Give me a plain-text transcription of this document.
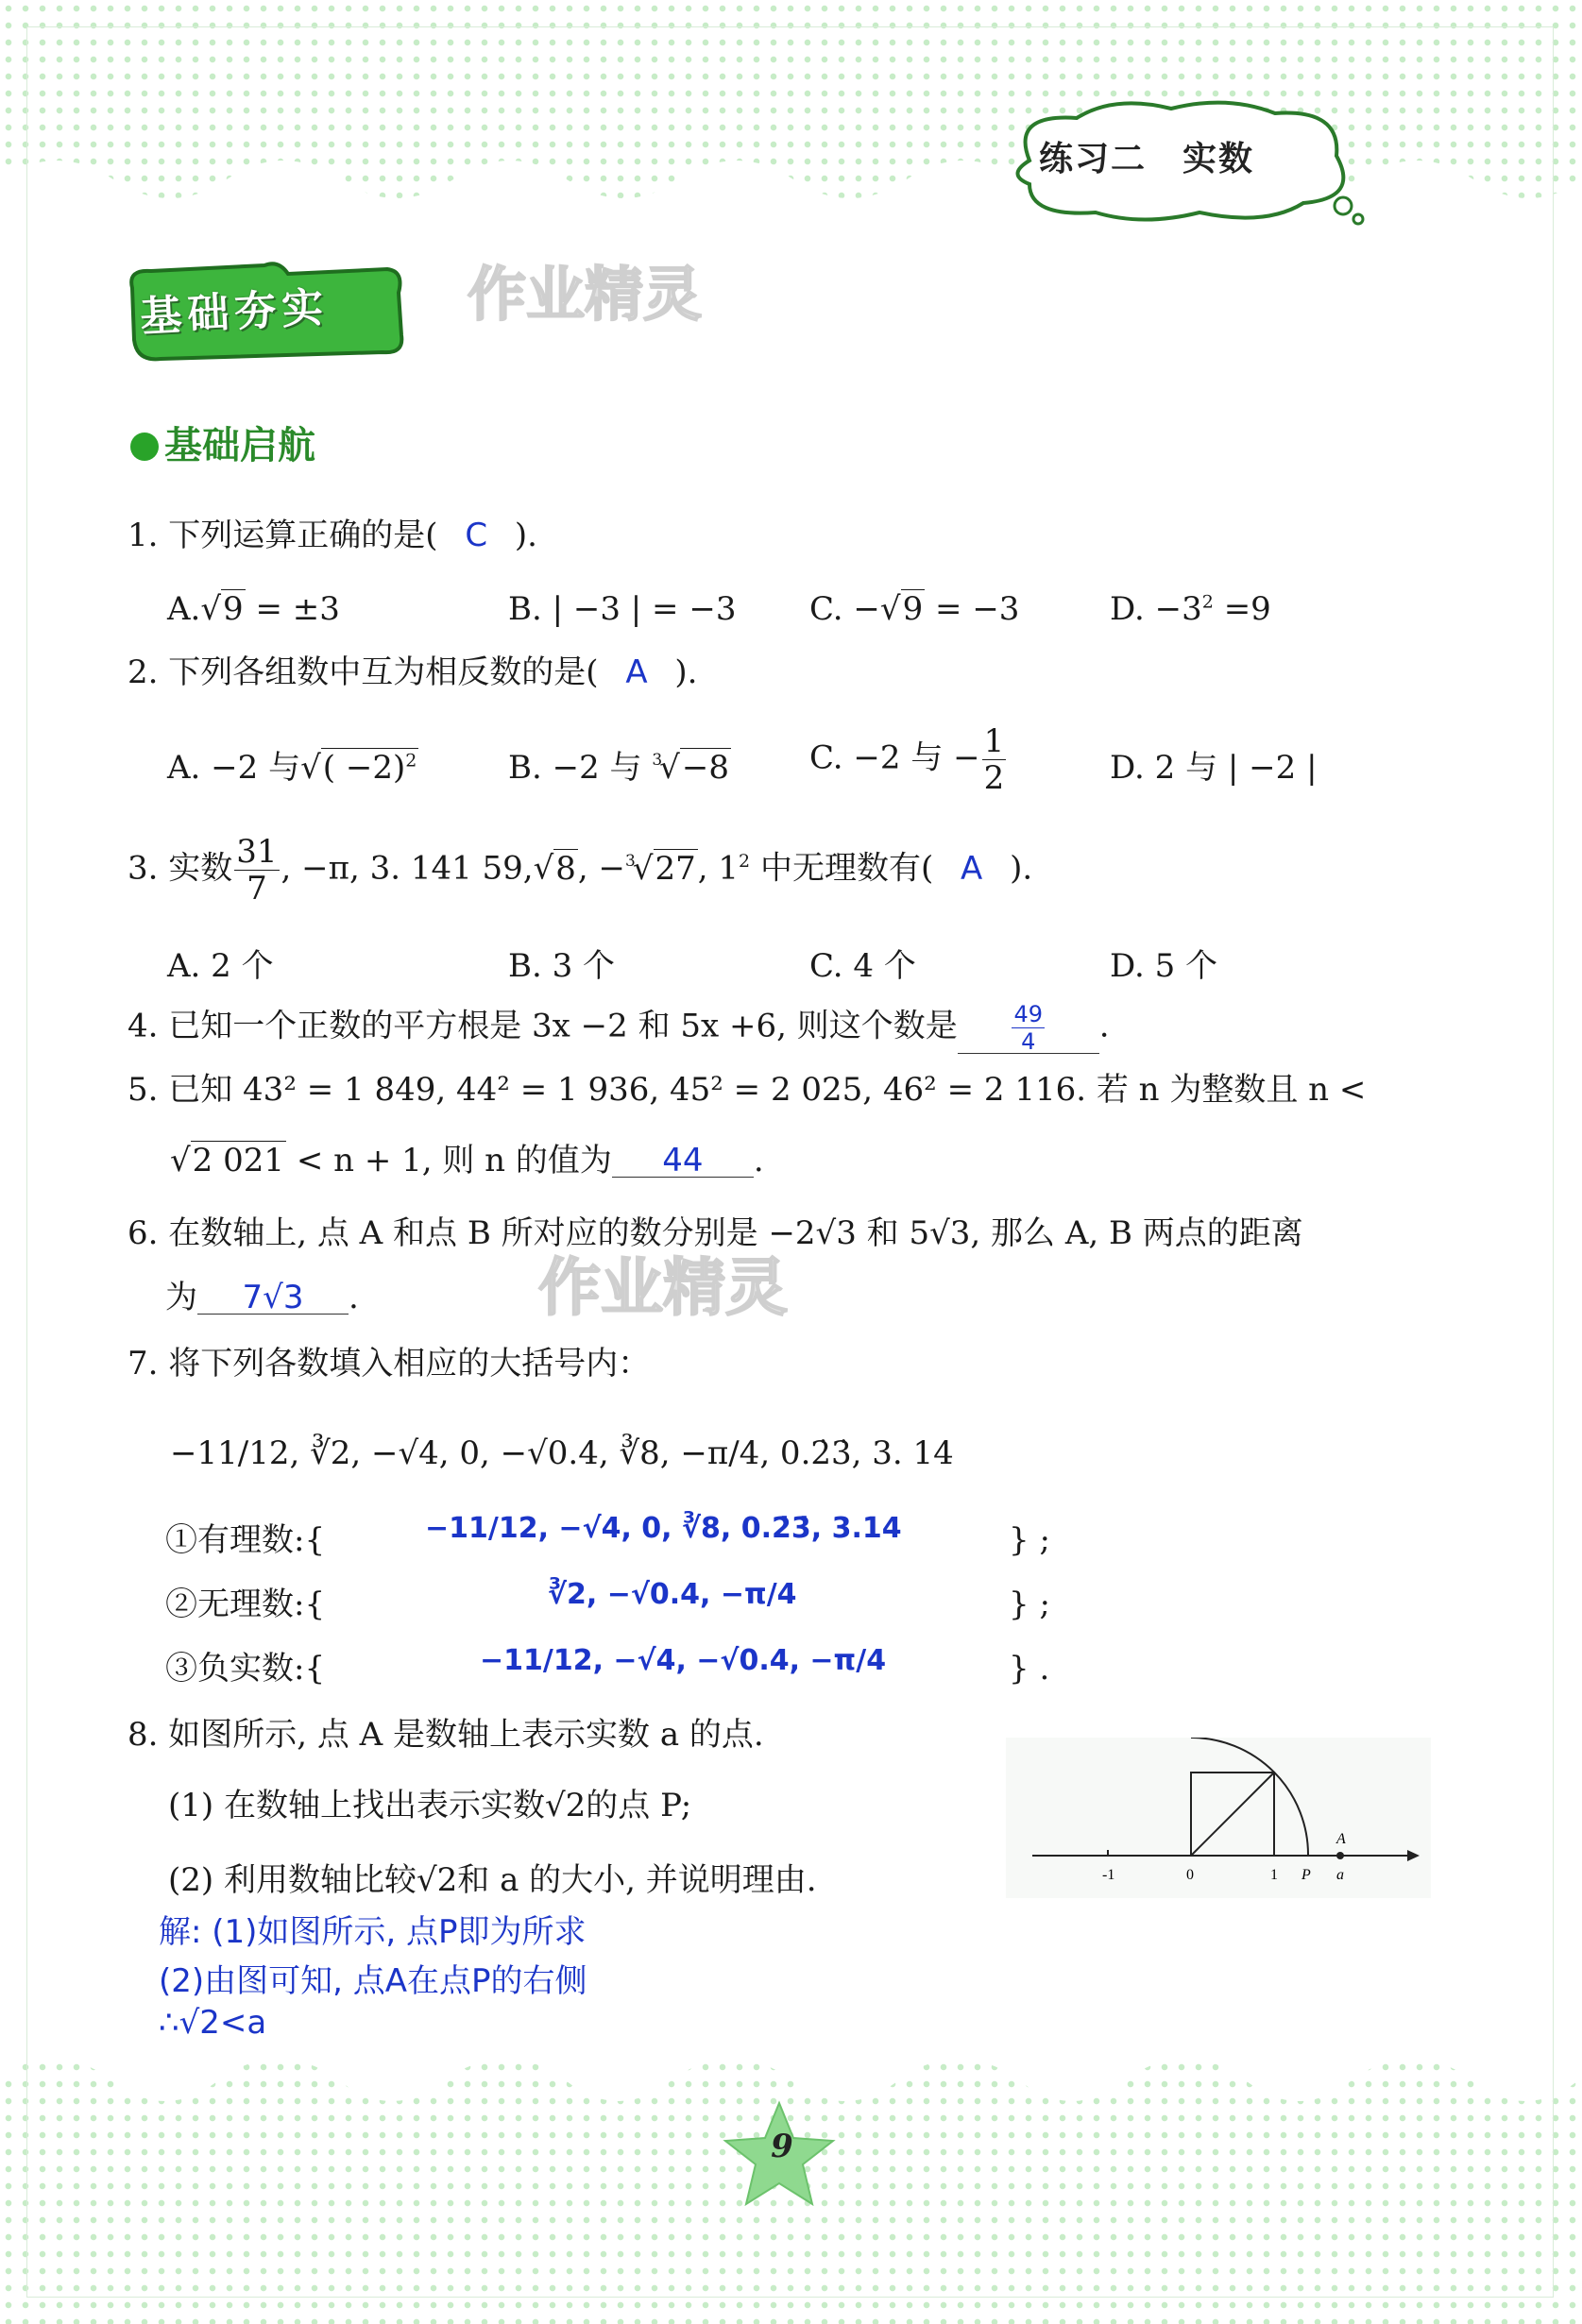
练习二　实数
基础夯实	作业精灵
作业精灵
基础启航
1. 下列运算正确的是( C ).
A.√9 = ±3	B. | −3 | = −3 C. −√9 = −3	D. $-3^2 =9$
2. 下列各组数中互为相反数的是( A ).
A. −2 与√( −2)$^2$	B. −2 与 $^3$√−8	C. −2 与 − $\frac{1}{2}$	D. 2 与 | −2 |
3. 实数 $\frac{31}{7}$ , −π, 3. 141 59,√8, −$^3$√27, $1^2$ 中无理数有( A ).
A. 2 个	B. 3 个	C. 4 个	D. 5 个
4. 已知一个正数的平方根是 3x −2 和 5x +6, 则这个数是 $\frac{49}{4}$ .
5. 已知 43² = 1 849, 44² = 1 936, 45² = 2 025, 46² = 2 116. 若 n 为整数且 n <
√2 021 < n + 1, 则 n 的值为 44 .
6. 在数轴上, 点 A 和点 B 所对应的数分别是 −2√3 和 5√3, 那么 A, B 两点的距离
为 7√3 .
7. 将下列各数填入相应的大括号内：
−11/12, ∛2, −√4, 0, −√0.4, ∛8, −π/4, 0.2̇3̇, 3. 14
①有理数:{	−11/12, −√4, 0, ∛8, 0.2̇3̇, 3.14	} ;
②无理数:{	∛2, −√0.4, −π/4	} ;
③负实数:{	−11/12, −√4, −√0.4, −π/4	} .
8. 如图所示, 点 A 是数轴上表示实数 a 的点.
(1) 在数轴上找出表示实数√2的点 P;
(2) 利用数轴比较√2和 a 的大小, 并说明理由.	-1	0	1 P a
A
解: (1)如图所示, 点P即为所求
(2)由图可知, 点A在点P的右侧
∴√2<a
9
